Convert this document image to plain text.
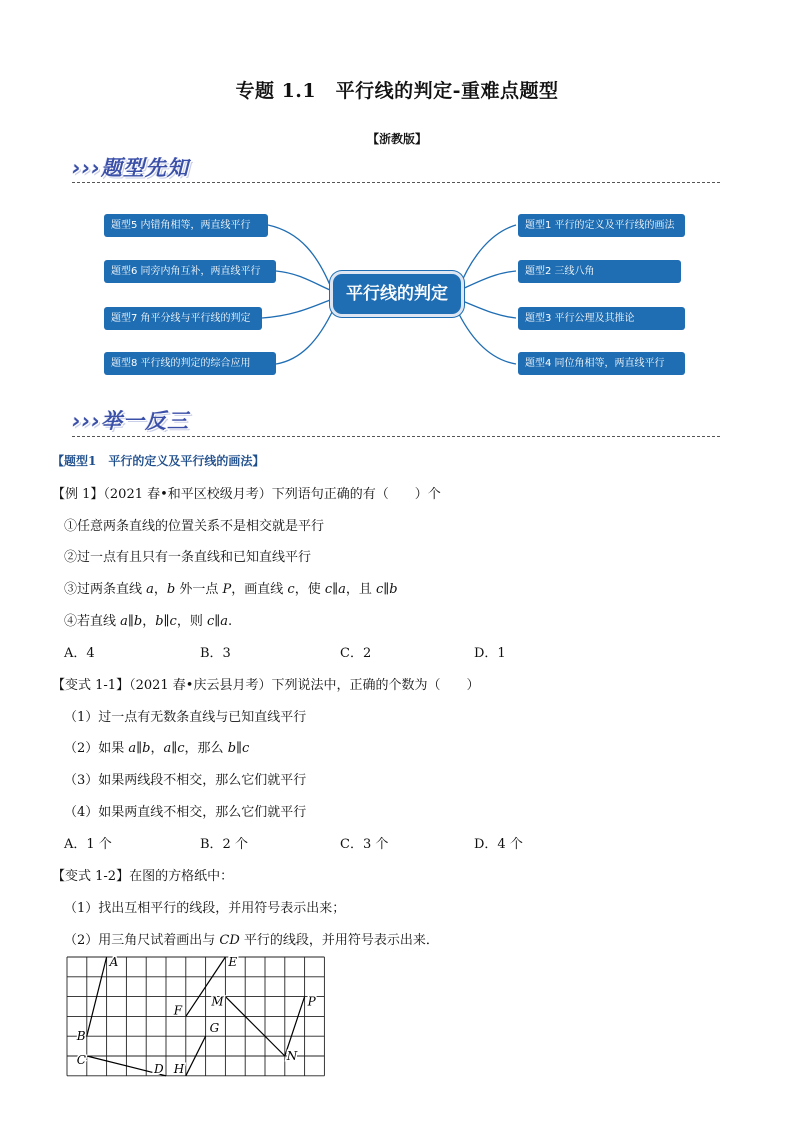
专题 1.1　平行线的判定-重难点题型
【浙教版】
›››题型先知
平行线的判定
题型5 内错角相等，两直线平行
题型6 同旁内角互补，两直线平行
题型7 角平分线与平行线的判定
题型8 平行线的判定的综合应用
题型1 平行的定义及平行线的画法
题型2 三线八角
题型3 平行公理及其推论
题型4 同位角相等，两直线平行
›››举一反三
【题型1　平行的定义及平行线的画法】
【例 1】（2021 春•和平区校级月考）下列语句正确的有（　　）个
①任意两条直线的位置关系不是相交就是平行
②过一点有且只有一条直线和已知直线平行
③过两条直线 a，b 外一点 P，画直线 c，使 c∥a，且 c∥b
④若直线 a∥b，b∥c，则 c∥a.
A．4	B．3	C．2	D．1
【变式 1-1】（2021 春•庆云县月考）下列说法中，正确的个数为（　　）
（1）过一点有无数条直线与已知直线平行
（2）如果 a∥b，a∥c，那么 b∥c
（3）如果两线段不相交，那么它们就平行
（4）如果两直线不相交，那么它们就平行
A．1 个	B．2 个	C．3 个	D．4 个
【变式 1-2】在图的方格纸中：
（1）找出互相平行的线段，并用符号表示出来；
（2）用三角尺试着画出与 CD 平行的线段，并用符号表示出来．
A
B
C
D
E
F
G
H
M
N
P
